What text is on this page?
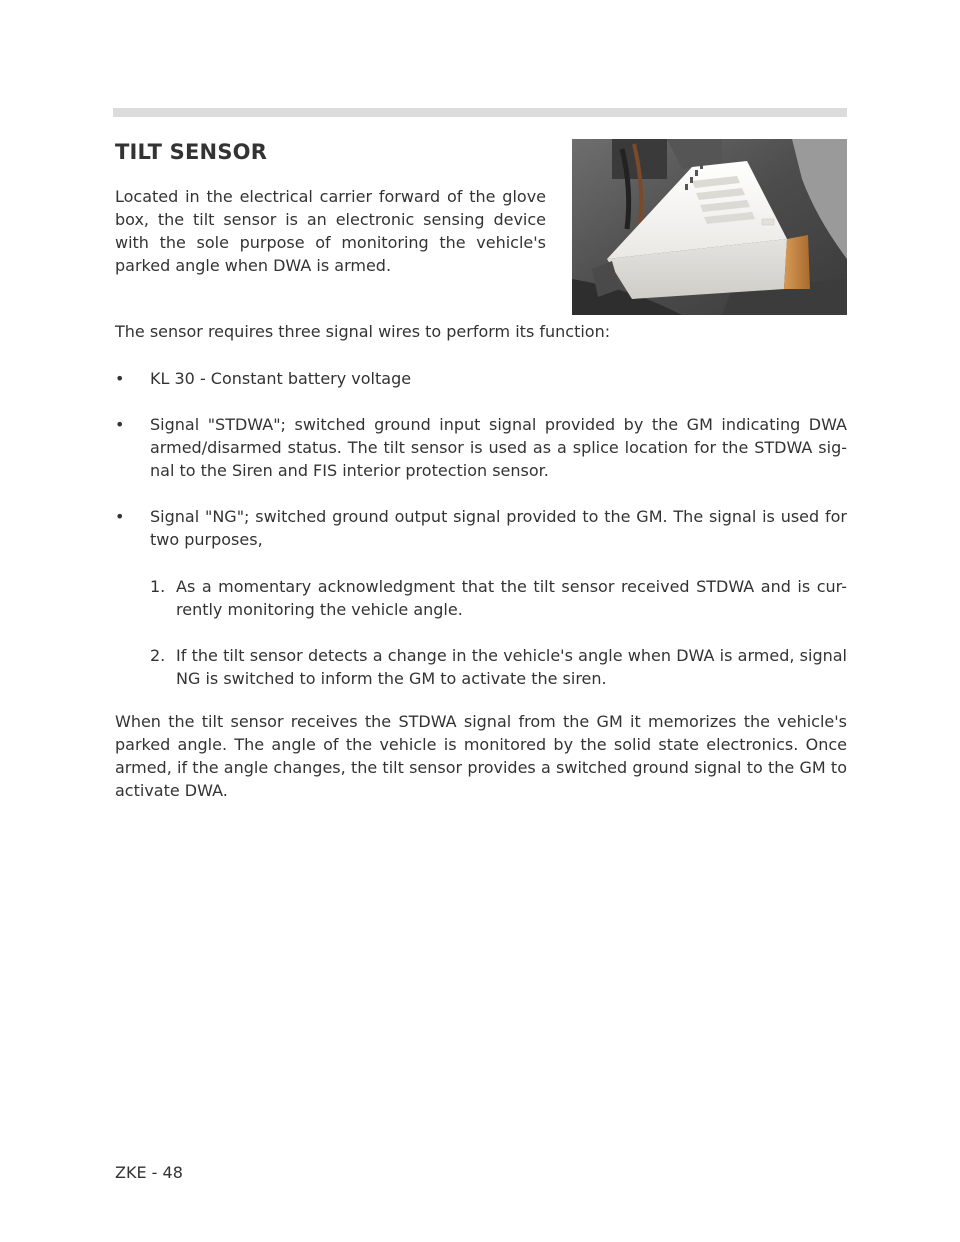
TILT SENSOR

Located in the electrical carrier forward of the glove box, the tilt sensor is an electronic sensing device with the sole purpose of monitoring the vehicle's parked angle when DWA is armed.

The sensor requires three signal wires to perform its function:

•	KL 30 - Constant battery voltage

•	Signal "STDWA"; switched ground input signal provided by the GM indicating DWA armed/disarmed status. The tilt sensor is used as a splice location for the STDWA sig-nal to the Siren and FIS interior protection sensor.

•	Signal "NG"; switched ground output signal provided to the GM. The signal is used for two purposes,

1. As a momentary acknowledgment that the tilt sensor received STDWA and is cur-rently monitoring the vehicle angle.

2. If the tilt sensor detects a change in the vehicle's angle when DWA is armed, signal NG is switched to inform the GM to activate the siren.

When the tilt sensor receives the STDWA signal from the GM it memorizes the vehicle's parked angle. The angle of the vehicle is monitored by the solid state electronics. Once armed, if the angle changes, the tilt sensor provides a switched ground signal to the GM to activate DWA.

ZKE - 48
